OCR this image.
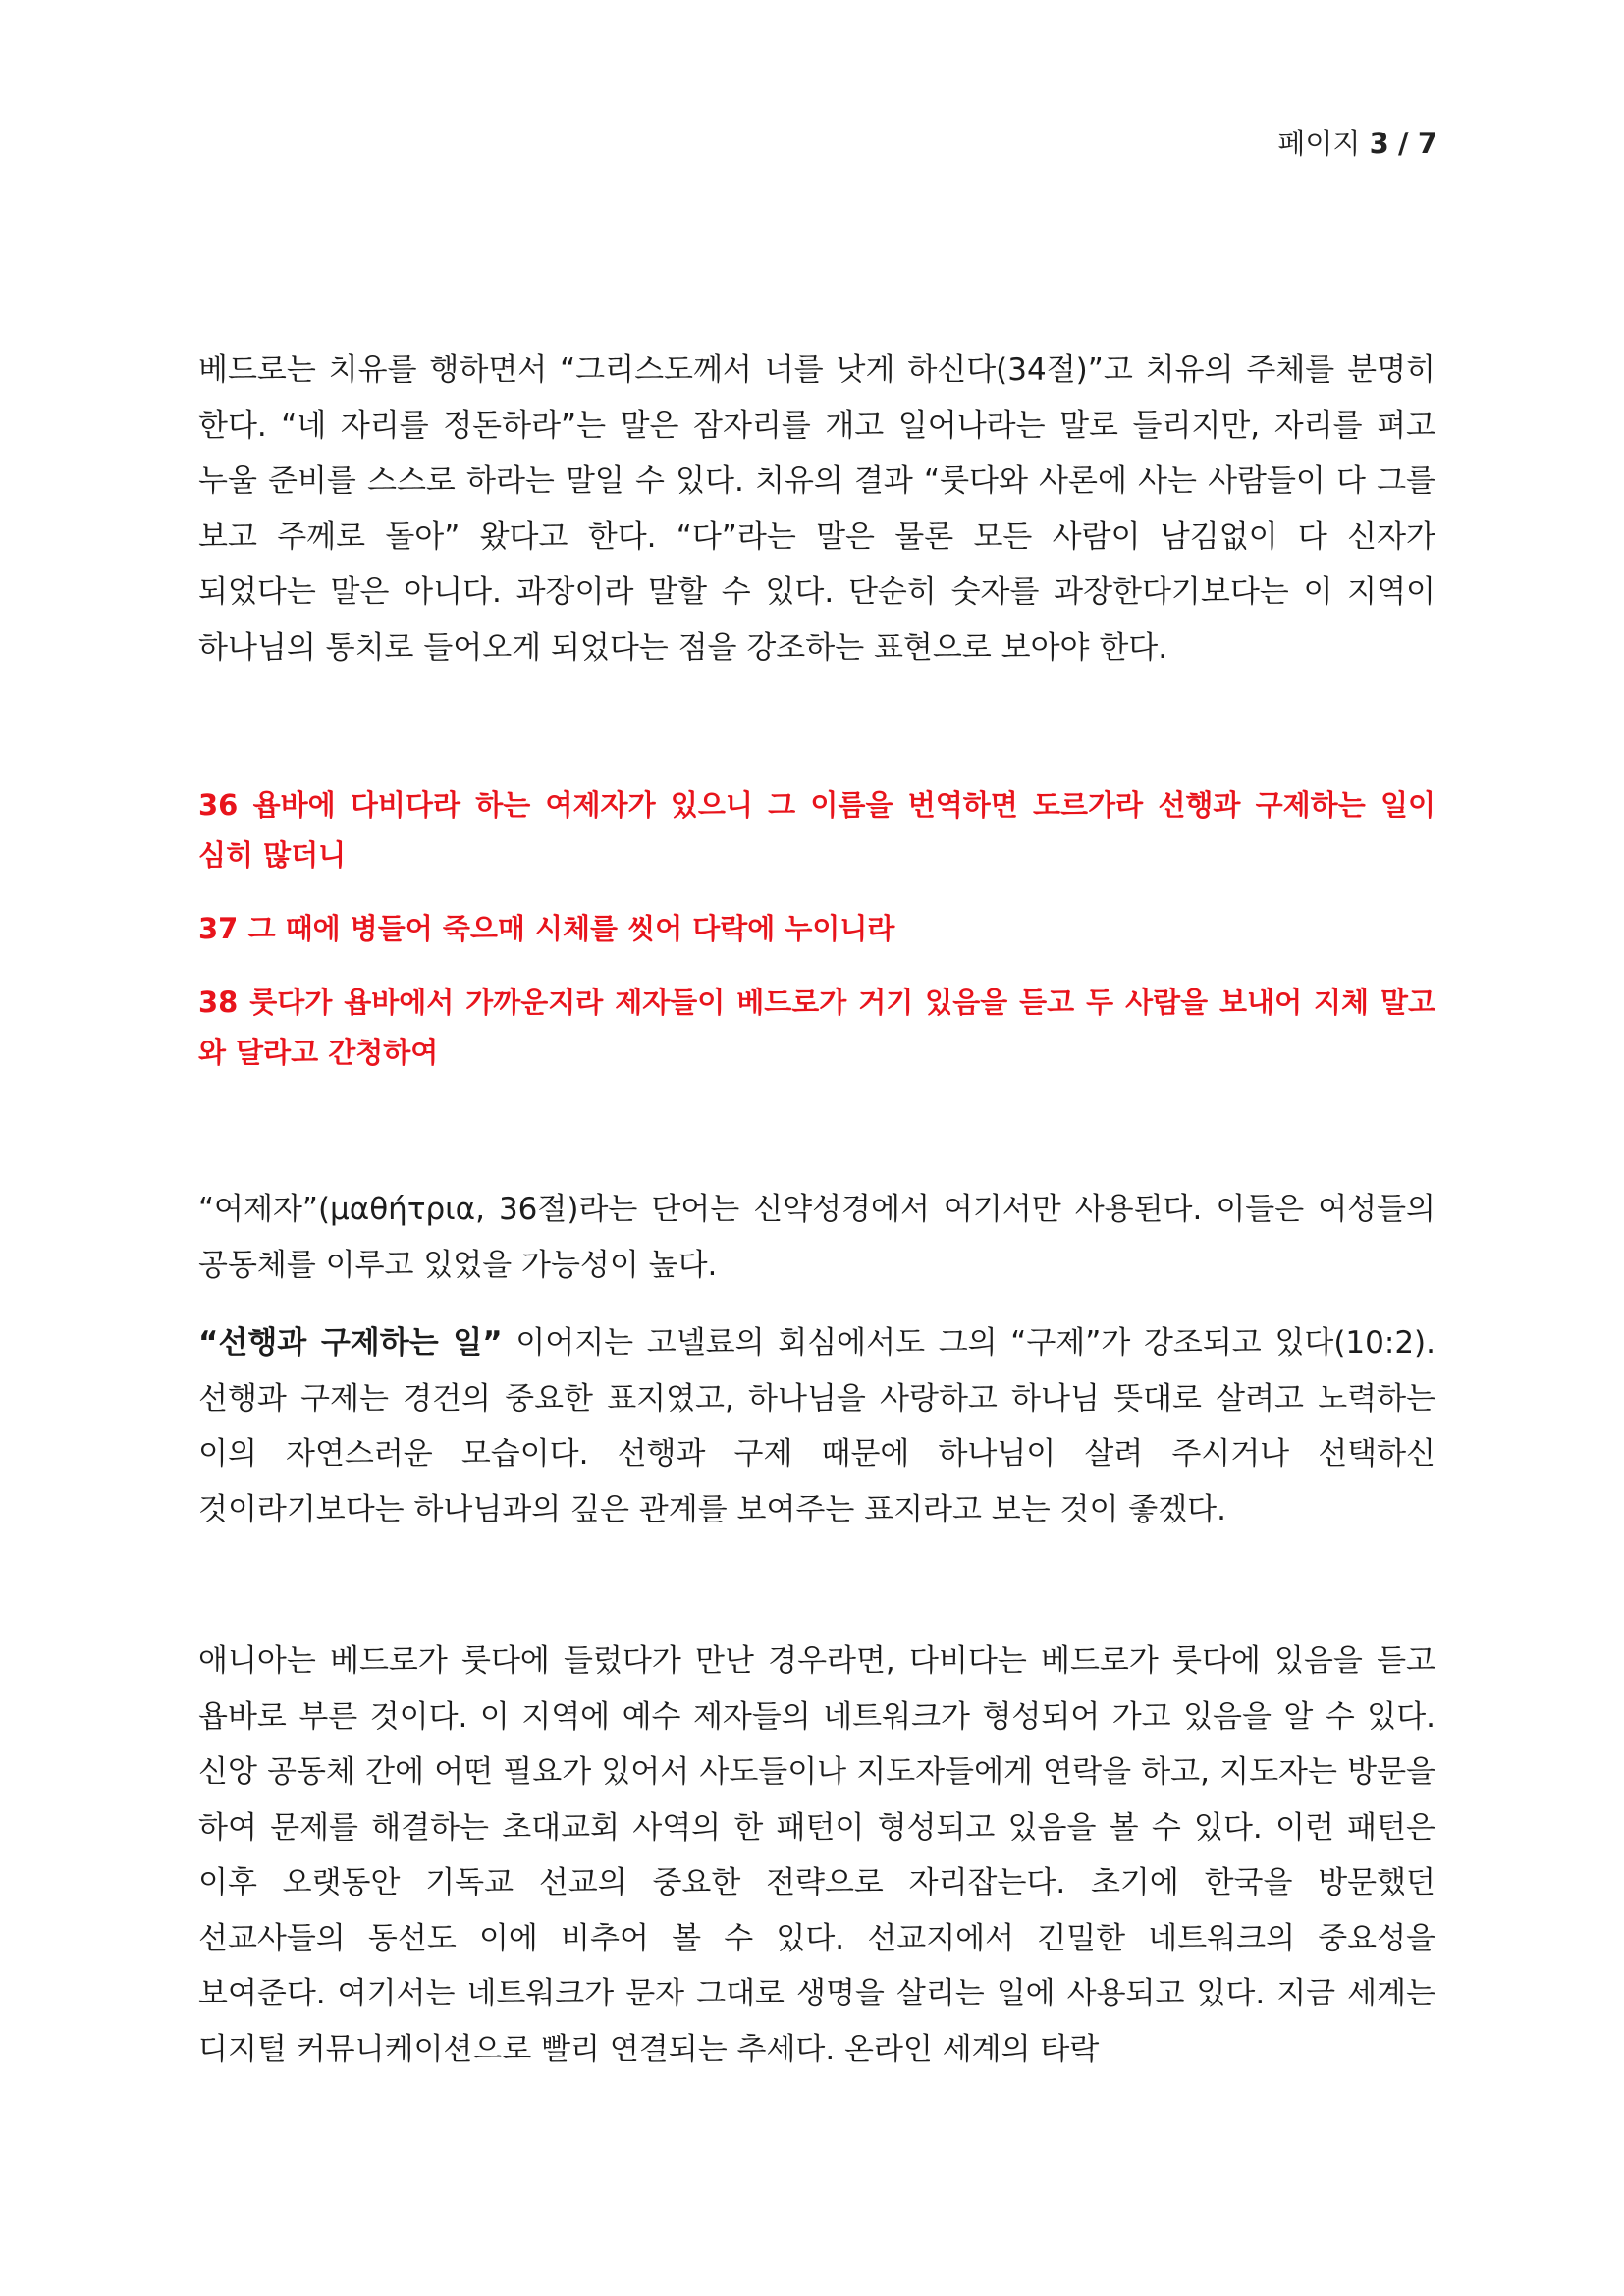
페이지 3 / 7

베드로는 치유를 행하면서 “그리스도께서 너를 낫게 하신다(34절)”고 치유의 주체를 분명히 한다. “네 자리를 정돈하라”는 말은 잠자리를 개고 일어나라는 말로 들리지만, 자리를 펴고 누울 준비를 스스로 하라는 말일 수 있다. 치유의 결과 “룻다와 사론에 사는 사람들이 다 그를 보고 주께로 돌아” 왔다고 한다. “다”라는 말은 물론 모든 사람이 남김없이 다 신자가 되었다는 말은 아니다. 과장이라 말할 수 있다. 단순히 숫자를 과장한다기보다는 이 지역이 하나님의 통치로 들어오게 되었다는 점을 강조하는 표현으로 보아야 한다.

36 욥바에 다비다라 하는 여제자가 있으니 그 이름을 번역하면 도르가라 선행과 구제하는 일이 심히 많더니

37 그 때에 병들어 죽으매 시체를 씻어 다락에 누이니라

38 룻다가 욥바에서 가까운지라 제자들이 베드로가 거기 있음을 듣고 두 사람을 보내어 지체 말고 와 달라고 간청하여

“여제자”(μαθήτρια, 36절)라는 단어는 신약성경에서 여기서만 사용된다. 이들은 여성들의 공동체를 이루고 있었을 가능성이 높다.

“선행과 구제하는 일” 이어지는 고넬료의 회심에서도 그의 “구제”가 강조되고 있다(10:2). 선행과 구제는 경건의 중요한 표지였고, 하나님을 사랑하고 하나님 뜻대로 살려고 노력하는 이의 자연스러운 모습이다. 선행과 구제 때문에 하나님이 살려 주시거나 선택하신 것이라기보다는 하나님과의 깊은 관계를 보여주는 표지라고 보는 것이 좋겠다.

애니아는 베드로가 룻다에 들렀다가 만난 경우라면, 다비다는 베드로가 룻다에 있음을 듣고 욥바로 부른 것이다. 이 지역에 예수 제자들의 네트워크가 형성되어 가고 있음을 알 수 있다. 신앙 공동체 간에 어떤 필요가 있어서 사도들이나 지도자들에게 연락을 하고, 지도자는 방문을 하여 문제를 해결하는 초대교회 사역의 한 패턴이 형성되고 있음을 볼 수 있다. 이런 패턴은 이후 오랫동안 기독교 선교의 중요한 전략으로 자리잡는다. 초기에 한국을 방문했던 선교사들의 동선도 이에 비추어 볼 수 있다. 선교지에서 긴밀한 네트워크의 중요성을 보여준다. 여기서는 네트워크가 문자 그대로 생명을 살리는 일에 사용되고 있다. 지금 세계는 디지털 커뮤니케이션으로 빨리 연결되는 추세다. 온라인 세계의 타락
